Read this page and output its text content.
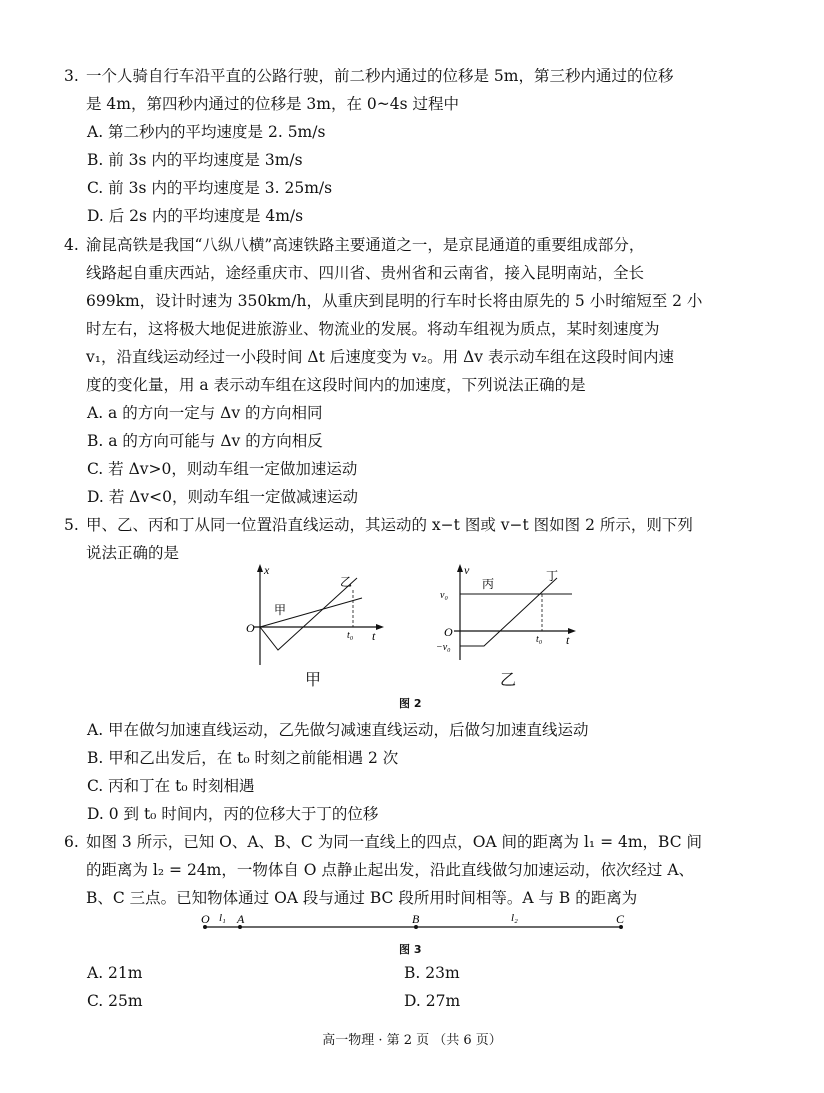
3. 一个人骑自行车沿平直的公路行驶，前二秒内通过的位移是 5m，第三秒内通过的位移
是 4m，第四秒内通过的位移是 3m，在 0~4s 过程中
A. 第二秒内的平均速度是 2. 5m/s
B. 前 3s 内的平均速度是 3m/s
C. 前 3s 内的平均速度是 3. 25m/s
D. 后 2s 内的平均速度是 4m/s
4. 渝昆高铁是我国“八纵八横”高速铁路主要通道之一，是京昆通道的重要组成部分，
线路起自重庆西站，途经重庆市、四川省、贵州省和云南省，接入昆明南站，全长
699km，设计时速为 350km/h，从重庆到昆明的行车时长将由原先的 5 小时缩短至 2 小
时左右，这将极大地促进旅游业、物流业的发展。将动车组视为质点，某时刻速度为
v₁，沿直线运动经过一小段时间 Δt 后速度变为 v₂。用 Δv 表示动车组在这段时间内速
度的变化量，用 a 表示动车组在这段时间内的加速度，下列说法正确的是
A. a 的方向一定与 Δv 的方向相同
B. a 的方向可能与 Δv 的方向相反
C. 若 Δv>0，则动车组一定做加速运动
D. 若 Δv<0，则动车组一定做减速运动
5. 甲、乙、丙和丁从同一位置沿直线运动，其运动的 x−t 图或 v−t 图如图 2 所示，则下列
说法正确的是
x
t
O
甲
乙
t₀
甲
v
t
O
丙
v₀
丁
−v₀
t₀
乙
图 2
A. 甲在做匀加速直线运动，乙先做匀减速直线运动，后做匀加速直线运动
B. 甲和乙出发后，在 t₀ 时刻之前能相遇 2 次
C. 丙和丁在 t₀ 时刻相遇
D. 0 到 t₀ 时间内，丙的位移大于丁的位移
6. 如图 3 所示，已知 O、A、B、C 为同一直线上的四点，OA 间的距离为 l₁ = 4m，BC 间
的距离为 l₂ = 24m，一物体自 O 点静止起出发，沿此直线做匀加速运动，依次经过 A、
B、C 三点。已知物体通过 OA 段与通过 BC 段所用时间相等。A 与 B 的距离为
O A	B	C
l₁	l₂
图 3
A. 21m	B. 23m
C. 25m	D. 27m
高一物理 · 第 2 页 （共 6 页）
